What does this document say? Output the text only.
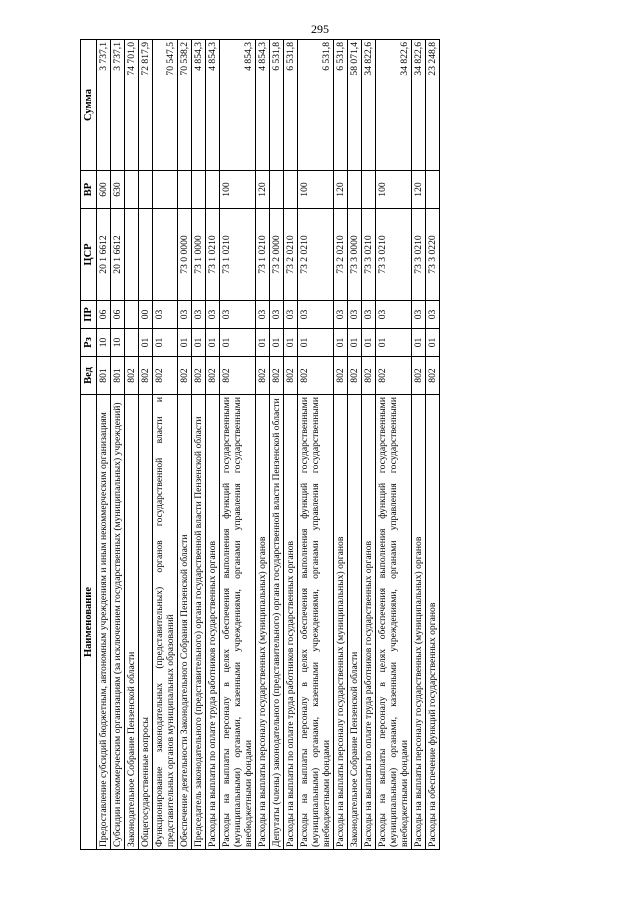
295
Наименование	Вед	Рз	ПР	ЦСР	ВР	Сумма
Предоставление субсидий бюджетным, автономным учреждениям и иным некоммерческим организациям	801	10	06	20 1 6612	600	3 737,1
Субсидии некоммерческим организациям (за исключением государственных (муниципальных) учреждений)	801	10	06	20 1 6612	630	3 737,1
Законодательное Собрание Пензенской области	802					74 701,0
Общегосударственные вопросы	802	01	00			72 817,9
Функционирование законодательных (представительных) органов государственной власти и представительных органов муниципальных образований	802	01	03			70 547,5
Обеспечение деятельности Законодательного Собрания Пензенской области	802	01	03	73 0 0000		70 538,2
Председатель законодательного (представительного) органа государственной власти Пензенской области	802	01	03	73 1 0000		4 854,3
Расходы на выплаты по оплате труда работников государственных органов	802	01	03	73 1 0210		4 854,3
Расходы на выплаты персоналу в целях обеспечения выполнения функций государственными (муниципальными) органами, казенными учреждениями, органами управления государственными внебюджетными фондами	802	01	03	73 1 0210	100	4 854,3
Расходы на выплаты персоналу государственных (муниципальных) органов	802	01	03	73 1 0210	120	4 854,3
Депутаты (члены) законодательного (представительного) органа государственной власти Пензенской области	802	01	03	73 2 0000		6 531,8
Расходы на выплаты по оплате труда работников государственных органов	802	01	03	73 2 0210		6 531,8
Расходы на выплаты персоналу в целях обеспечения выполнения функций государственными (муниципальными) органами, казенными учреждениями, органами управления государственными внебюджетными фондами	802	01	03	73 2 0210	100	6 531,8
Расходы на выплаты персоналу государственных (муниципальных) органов	802	01	03	73 2 0210	120	6 531,8
Законодательное Собрание Пензенской области	802	01	03	73 3 0000		58 071,4
Расходы на выплаты по оплате труда работников государственных органов	802	01	03	73 3 0210		34 822,6
Расходы на выплаты персоналу в целях обеспечения выполнения функций государственными (муниципальными) органами, казенными учреждениями, органами управления государственными внебюджетными фондами	802	01	03	73 3 0210	100	34 822,6
Расходы на выплаты персоналу государственных (муниципальных) органов	802	01	03	73 3 0210	120	34 822,6
Расходы на обеспечение функций государственных органов	802	01	03	73 3 0220		23 248,8
